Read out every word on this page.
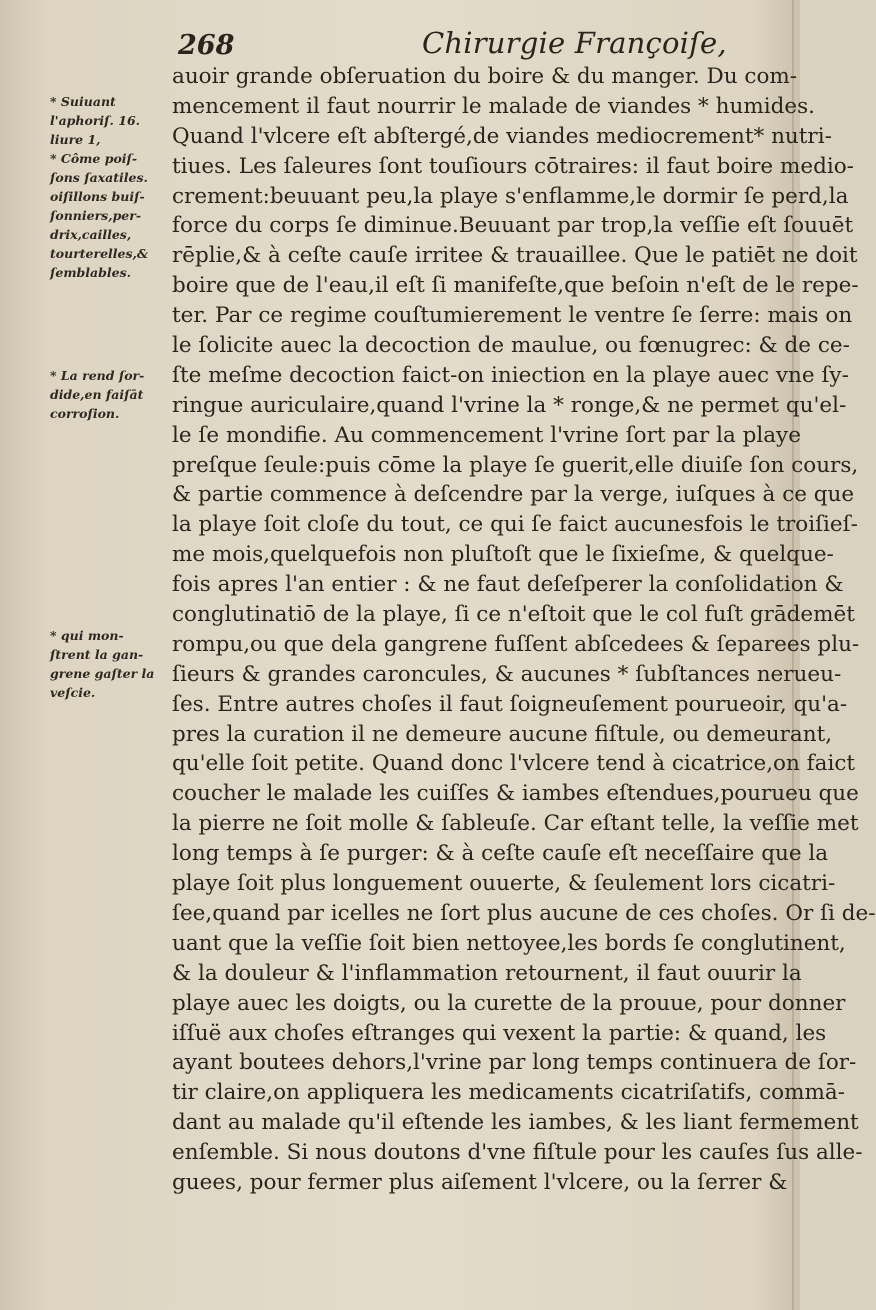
268	Chirurgie Françoiſe,
* Suiuant
l'aphoriſ. 16.
liure 1,
* Côme poiſ-
ſons ſaxatiles.
oiſillons buiſ-
ſonniers,per-
drix,cailles,
tourterelles,&
ſemblables.
* La rend ſor-
dide,en faiſāt
corroſion.
* qui mon-
ſtrent la gan-
grene gaſter la
veſcie.
auoir grande obſeruation du boire & du manger. Du com-
mencement il faut nourrir le malade de viandes * humides.
Quand l'vlcere eſt abſtergé,de viandes mediocrement* nutri-
tiues. Les ſaleures ſont touſiours cōtraires: il faut boire medio-
crement:beuuant peu,la playe s'enflamme,le dormir ſe perd,la
force du corps ſe diminue.Beuuant par trop,la veſſie eſt ſouuēt
rēplie,& à ceſte cauſe irritee & trauaillee. Que le patiēt ne doit
boire que de l'eau,il eſt ſi manifeſte,que beſoin n'eſt de le repe-
ter. Par ce regime couſtumierement le ventre ſe ſerre: mais on
le ſolicite auec la decoction de maulue, ou fœnugrec: & de ce-
ſte meſme decoction faict-on iniection en la playe auec vne ſy-
ringue auriculaire,quand l'vrine la * ronge,& ne permet qu'el-
le ſe mondifie. Au commencement l'vrine ſort par la playe
preſque ſeule:puis cōme la playe ſe guerit,elle diuiſe ſon cours,
& partie commence à deſcendre par la verge, iuſques à ce que
la playe ſoit cloſe du tout, ce qui ſe faict aucunesfois le troiſieſ-
me mois,quelquefois non pluſtoſt que le ſixieſme, & quelque-
fois apres l'an entier : & ne faut deſeſperer la conſolidation &
conglutinatiō de la playe, ſi ce n'eſtoit que le col fuſt grādemēt
rompu,ou que dela gangrene fuſſent abſcedees & ſeparees plu-
ſieurs & grandes caroncules, & aucunes * ſubſtances nerueu-
ſes. Entre autres choſes il faut ſoigneuſement pourueoir, qu'a-
pres la curation il ne demeure aucune fiſtule, ou demeurant,
qu'elle ſoit petite. Quand donc l'vlcere tend à cicatrice,on faict
coucher le malade les cuiſſes & iambes eſtendues,pourueu que
la pierre ne ſoit molle & ſableuſe. Car eſtant telle, la veſſie met
long temps à ſe purger: & à ceſte cauſe eſt neceſſaire que la
playe ſoit plus longuement ouuerte, & ſeulement lors cicatri-
ſee,quand par icelles ne ſort plus aucune de ces choſes. Or ſi de-
uant que la veſſie ſoit bien nettoyee,les bords ſe conglutinent,
& la douleur & l'inflammation retournent, il faut ouurir la
playe auec les doigts, ou la curette de la prouue, pour donner
iſſuë aux choſes eſtranges qui vexent la partie: & quand, les
ayant boutees dehors,l'vrine par long temps continuera de ſor-
tir claire,on appliquera les medicaments cicatriſatifs, commā-
dant au malade qu'il eſtende les iambes, & les liant fermement
enſemble. Si nous doutons d'vne fiſtule pour les cauſes ſus alle-
guees, pour fermer plus aiſement l'vlcere, ou la ſerrer &
